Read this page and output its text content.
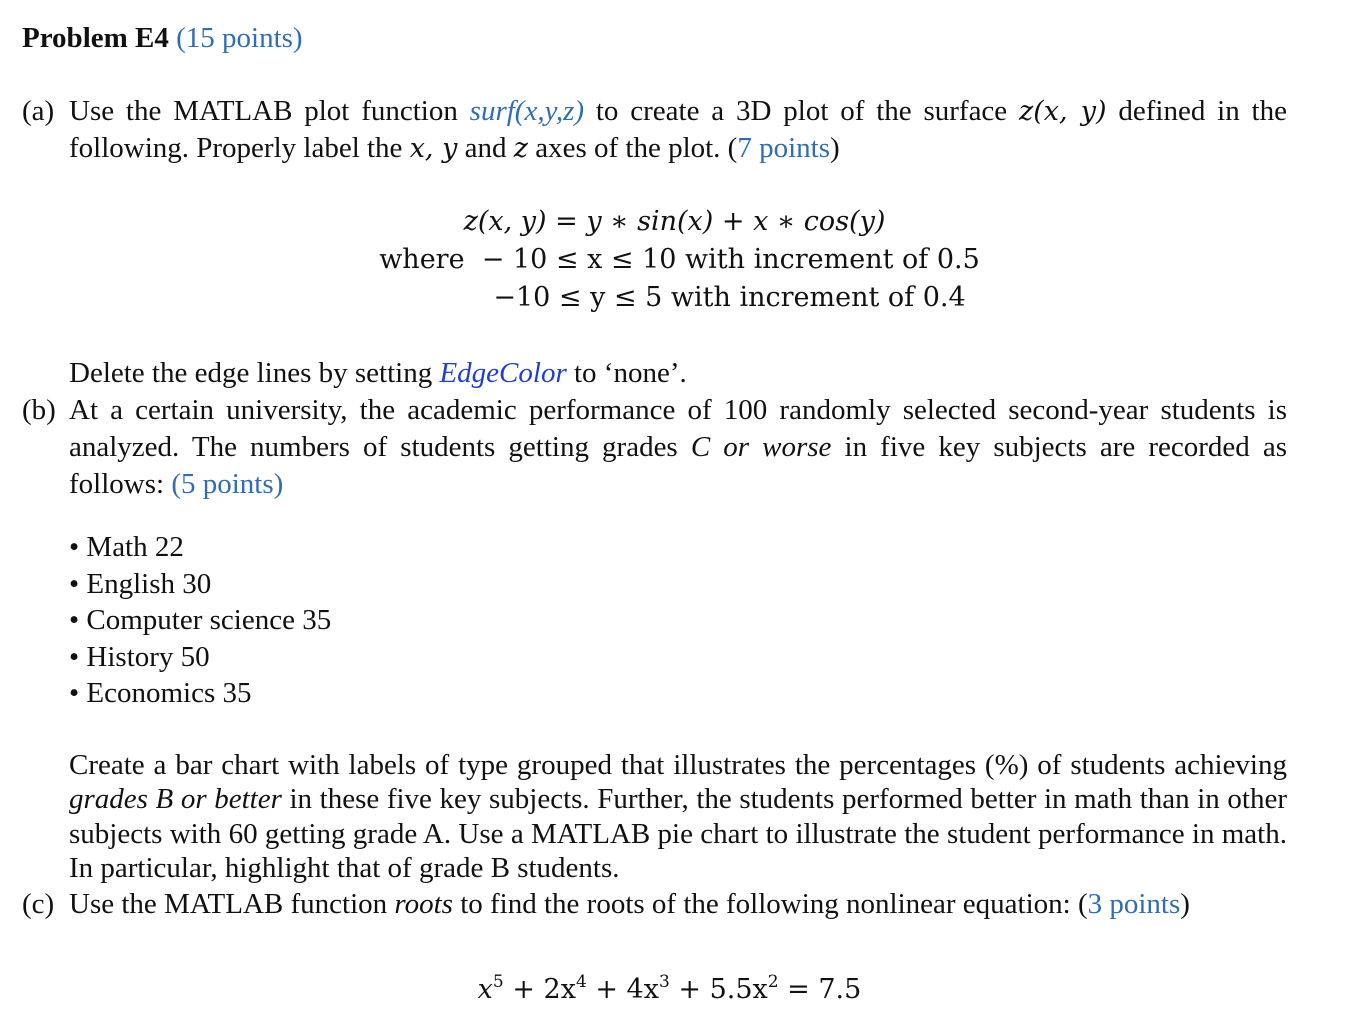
Problem E4 (15 points)
(a) Use the MATLAB plot function surf(x,y,z) to create a 3D plot of the surface z(x, y) defined in the following. Properly label the x, y and z axes of the plot. (7 points)
z(x, y) = y ∗ sin(x) + x ∗ cos(y)
where  − 10 ≤ x ≤ 10 with increment of 0.5
−10 ≤ y ≤ 5 with increment of 0.4
Delete the edge lines by setting EdgeColor to ‘none’.
(b) At a certain university, the academic performance of 100 randomly selected second-year students is analyzed. The numbers of students getting grades C or worse in five key subjects are recorded as follows: (5 points)
• Math 22
• English 30
• Computer science 35
• History 50
• Economics 35
Create a bar chart with labels of type grouped that illustrates the percentages (%) of students achieving grades B or better in these five key subjects. Further, the students performed better in math than in other subjects with 60 getting grade A. Use a MATLAB pie chart to illustrate the student performance in math. In particular, highlight that of grade B students.
(c) Use the MATLAB function roots to find the roots of the following nonlinear equation: (3 points)
$x^5 + 2x^4 + 4x^3 + 5.5x^2 = 7.5$
